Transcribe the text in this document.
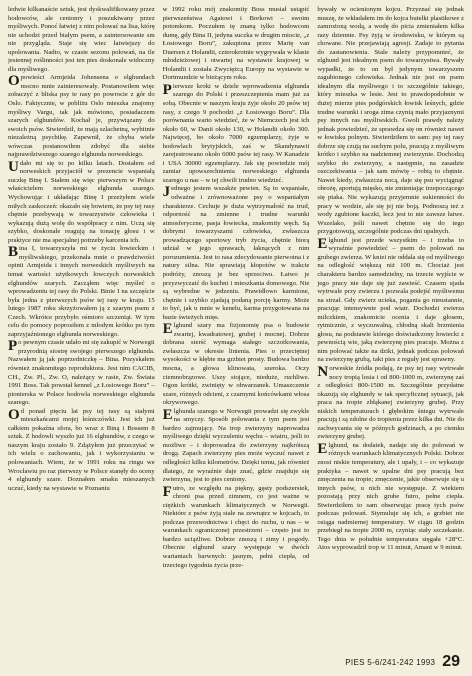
ledwie kilkanaście sztuk, jest dyskwalifikowany przez hodowców, ale cenionry i poszukiwany przez myśliwych. Ponoć łatwiej z nim polować na lisa, którę nie uchodzi przed białym psem, a zaintersowanie sm nie przygląda. Staje się wiec łatwiejszy do upolowania. Nadto, w czasie sezonu polowań, na tle jesiennej roślinności jest ten pies doskonale widoczny dla myśliwego.

Opowieści Armjeida Johensena o elghundach mocno mnie zainteresowały. Postanowiłem więc zobaczyć z bliska psy te rasy po powrocie z gór do Oslo. Faktycznie, w pobliżu Oslo mieszka znajomy myśliwy Vargu, tak jak mówiono, posiadaczem szarych elghundów. Kochał je, przywiązany do swoich psów. Stwierdził, że mają szlachetną, wybitnie niezależną psychikę. Zapewnił, że chyba wiele wówczas postanowiłem zdobyć dla siebie najprawdziwszego szarego elghunda norweskiego.

Udało mi się to po kilku latach. Dostałem od norweskich przyjaciół w prezencie wspaniałą suczkę Binę I. Stałem się więc pierwszym w Polsce właścicielem norweskiego elghunda szarego. Wychowując i układając Binę I przeżyłem wiele miłych zaskoczeń: okazało się bowiem, że psy tej rasy chętnie przebywają w towarzystwie człowieka i wykazują dużą wolę do współpracy z nim. Uczą się szybko, doskonale reagują na tonację głosu i w praktyce nie ma specjalnej potrzeby karcenia ich.

Bina I, towarzyszyła mi w życiu łowieckim i myśliwskiego, przekonała mnie o prawdziwości opinii Armjeida i innych norweskich myśliwych na temat wartości użytkowych łowczych norweskich elghundów szarych. Zacząłem więc myśleć o wprowadzeniu tej rasy do Polski. Binie I na szczęście była jedna z pierwszych psów tej rasy w kraju. 15 lutego 1987 roku skrzyżowałem ją z szarym psem z Czech. Wkrótce przybyło ośmioro szczeniąt. W tym celu do pomocy poprosiłem z młodym krótko po tym zaprzyjaźnionego elghunda norweskiego.

Po pewnym czasie udało mi się zakupić w Norwegii przyrodnią siostrę swojego pierwszego elghunda. Nazwałem ją jak poprzedniczkę – Bina. Pozyskałem również znakomitego reproduktora. Jest nim CACIB, CH., Zw. Pl., Zw. O, należący w rasie, Zw. Świata 1991 Boss. Tak powstał kennel „z Łosiowego Boru” – pionierska w Polsce hodowla norweskiego elghunda szarego.

Od ponad pięciu lat psy tej rasy są stałymi mieszkańcami mojej leśniczówki. Jest ich już całkiem pokaźna sfora, bo wraz z Biną i Bossem 8 sztuk. Z hodowli wyszło już 16 elghundów, z czego w naszym kraju zostało 9. Zdążyłem już przeczytać w ich wielu o zachowaniu, jak i wykorzystaniu w polowaniach. Wiem, że w 1991 roku na ringu we Wrocławiu po raz pierwszy w Polsce stanęły do oceny 4 elghundy szare. Doznałem smaku mieszanych uczuć, kiedy na wystawie w Poznaniu

w 1992 roku mój znakomity Boss musiał ustąpić pierwszeństwa Agatowi i Borkowi – swoim potomkom. Poczułem tę znaną tylko hodowcom dumę, gdy Bina II, jedyna suczka w drugim miocie, „z Łosiowego Boru”, zakupiona przez Marię van Duersen z Holandii, czterokrotnie wygrywała w klasie młodzieżowej i otwartej na wystawie krajowej w Holandii i została Zwyciężcą Europy na wystawie w Dortmundzie w bieżącym roku.

Pierwsze kroki w dziele wprowadzenia elghunda szarego do Polski i przeszczepienia mam już za sobą. Obecnie w naszym kraju żyje około 20 psów tej rasy, z czego 9 pochodzi „z Łosiowego Boru”. Dla porównania warto wiedzieć, że w Niemczech jest ich około 60, w Danii około 130, w Holandii około 300. Najwięcej, bo około 7000 egzemplarzy, żyje w hodowlach brytyjskich, zaś w Skandynawii zarejestrowano około 6000 psów tej rasy. W Kanadzie i USA 30000 egzemplarzy. Jak się powiedzie mój zamiar upowszechnienia norweskiego elghunda szarego u nas – w tej chwili trudno wiedzieć.

Jednego jestem wszakże pewien. Są to wspaniałe, odważne i zrównoważone psy o wspaniałym charakterze. Cechuje je duża wytrzymałość na trud, odporność na zmienne i trudne warunki atmosferyczne, pasja łowiecka, znakomity węch. Są dobrymi towarzyszami człowieka, zwłaszcza prowadzącego sportowy tryb życia, chętnie biorą udział w jego sprawach, łaknących z nim porozumienia. Jest to rasa zdecydowanie pierwotna i z natury silna. Nie sprawiają kłopotów w trakcie podróży, znoszą je bez sprzeciwu. Łatwo je przyzwyczaić do kuchni i mieszkania domowego. Nie są wybredne w jedzeniu. Prawidłowo karmione, chętnie i szybko zjadają podaną porcję karmy. Może to być, jak u mnie w kenelu, karma przygotowana na bazie świeżych mięs.

Elghund szary ma fizjonomię psa o budowie zwartej, kwadratowej, grubej i mocnej. Dobrze dobrana sierść wymaga stałego szczotkowania, zwłaszcza w okresie linienia. Pies o przeciętnej wysokości w kłębie ma grzbiet prosty. Budowa bardzo mocna, a głowa klinowata, szeroka. Oczy ciemnobrązowe. Uszy stojące, nieduże, ruchliwe. Ogon krótki, zwinięty w obwarzanek. Umaszczenie szare, różnych odcieni, z czarnymi końcówkami włosa okrywowego.

Elghunda szarego w Norwegii prowadzi się zwykle na smyczy. Sposób polowania z tym psem jest bardzo zajmujący. Na trop zwierzyny naprowadza myśliwego dzięki wyczuleniu węchu – wiatru, jeśli to możliwe – i doprowadza do zwierzyny najkrótszą drogą. Zapach zwierzyny pies może wyczuć nawet z odległości kilku kilometrów. Dzięki temu, jak również dlatego, że wyraźnie daje znać, gdzie znajduje się zwierzyna, jest to pies ceniony.

Futro, ze względu na piękny, gęsty podszerstek, chroni psa przed zimnem, co jest ważne w ciężkich warunkach klimatycznych w Norwegii. Niektóre z psów żyją stale na zewnątrz w kojcach, to podczas przewodnictwa i chęci do ruchu, u nas – w warunkach ograniczonej przestrzeni – często jest to bardzo uciążliwe. Dobrze znoszą i zimy i pogody. Obecnie elghund szary występuje w dwóch wariantach barwnych: jasnym, pełni ciepła, od trzeciego tygodnia życia prze-

bywały w ocienionym kojcu. Przyznać się jednak muszę, że wkładałem im do kojca butelki plastikowe z zamrożoną wodą, a wodę do picia zmieniałem kilka razy dziennie. Psy żyją w środowisku, w którym są chowane. Nie przejawiają agresji. Zadaje to pytania do zastanowienia. Stale należy przypomnieć, że elghund jest idealnym psem do towarzystwa. Bywały wypadki, że to on był jedynym towarzyszem zagubionego człowieka. Jednak nie jest on psem idealnym dla myśliwego i to szczególnie takiego, który mieszka w lesie. Jest to prawdopodobnie w dużej mierze pies podgórskich łowisk leśnych, gdzie trudne warunki i sroga zima czynią mało przyjaznymi psy innych ras myśliwskich. Gwoli prawdy należy jednak powiedzieć, że sprawdza się on również nawet w łowisku polnym. Stwierdziłem to sam: psy tej rasy dobrze się czują na suchym polu, pracują z myśliwym krótko i szybko na nadziemnej zwierzynie. Dochodzą szybko do zwierzyny, a następnie, na zasadzie oszczekiwania – jak sam mówię – robią to chętnie. Nawet kiedy, zwłaszcza nocą, daje się psu wyciągnąć obrożę, aportują mięsko, nie zmieniając trzepoczącego się ptaka. Nie wykazują przyjemnie sukienności do pracy w wodzie, ale się jej nie boją. Podnoszą też z wody zgubione kaczki, lecz jest to nie zawsze łatwe. Wszelako, jeśli nawet chętnie się do tego przygotowują, szczególnie podczas dni upalnych.

Elghund jest przede wszystkim – i trzeba to wyraźnie powiedzieć – psem do polowań na grubego zwierza. W kniei nie oddala się od myśliwego na odległość większą niż 100 m. Chociaż jest charakteru bardzo samodzielny, na trzecie wyjście w jego pracy nie daje się już zawieść. Czasem ujada wytrwale przy zwierzu i pozwala podejść myśliwemu na strzał. Gdy zwierz ucieka, pogania go nieustannie, pracując intensywnie pod wiatr. Dochodzi zwierza milczkiem, znakomicie ocenia i daje głosem, rytmicznie, z wyczuwalną, chłodną skali brzmienia głosu, na podstawie którego doświadczony łowiecki z pewnością wie, jaką zwierzynę pies pracuje. Można z nim polować także na dziki, jednak podczas polowań na zwierzynę grubą, taki pies z reguły jest sprawny.

Norweskie źródła podają, że psy tej rasy wytrwałe nocy tropią losia i od 800-1000 m, zwierzynę zaś z odległości 800-1500 m. Szczególnie przydatne okazują się elghundy w tak specyficznej sytuacji, jak praca na tropie zbłąkanej zwierzyny grubej. Przy niskich temperaturach i głębokim śniegu wytrwale pracują i są zdolne do tropienia przez kilka dni. Nie do zachwycania się w późnych godzinach, a po ciemku zwierzyny grubej.

Elghund, na dodatek, nadaje się do polowań w różnych warunkach klimatycznych Polski. Dobrze znosi niskie temperatury, ale i upały, i – co wykazuje praktyka – nawet w upalne dni psy pracują bez zmęczenia na tropie; zmęczenie, jakie obserwuje się u innych psów, u nich nie występuje. Z wiekiem pozostają przy nich grube futro, pełne ciepła. Stwierdziłem to sam obserwując pracę tych psów podczas polowań. Stymuluje się ich, a grzbiet nie osiąga nadmiernej temperatury. W ciągu 18 godzin przebiegł na tropie 2000 m, czyniąc stały szczekanie. Tego dnia w południe temperatura sięgała +28°C. Atos wyprowadził trop w 11 minut, Amant w 9 minut.

PIES 5-6/241-242 1993 29
